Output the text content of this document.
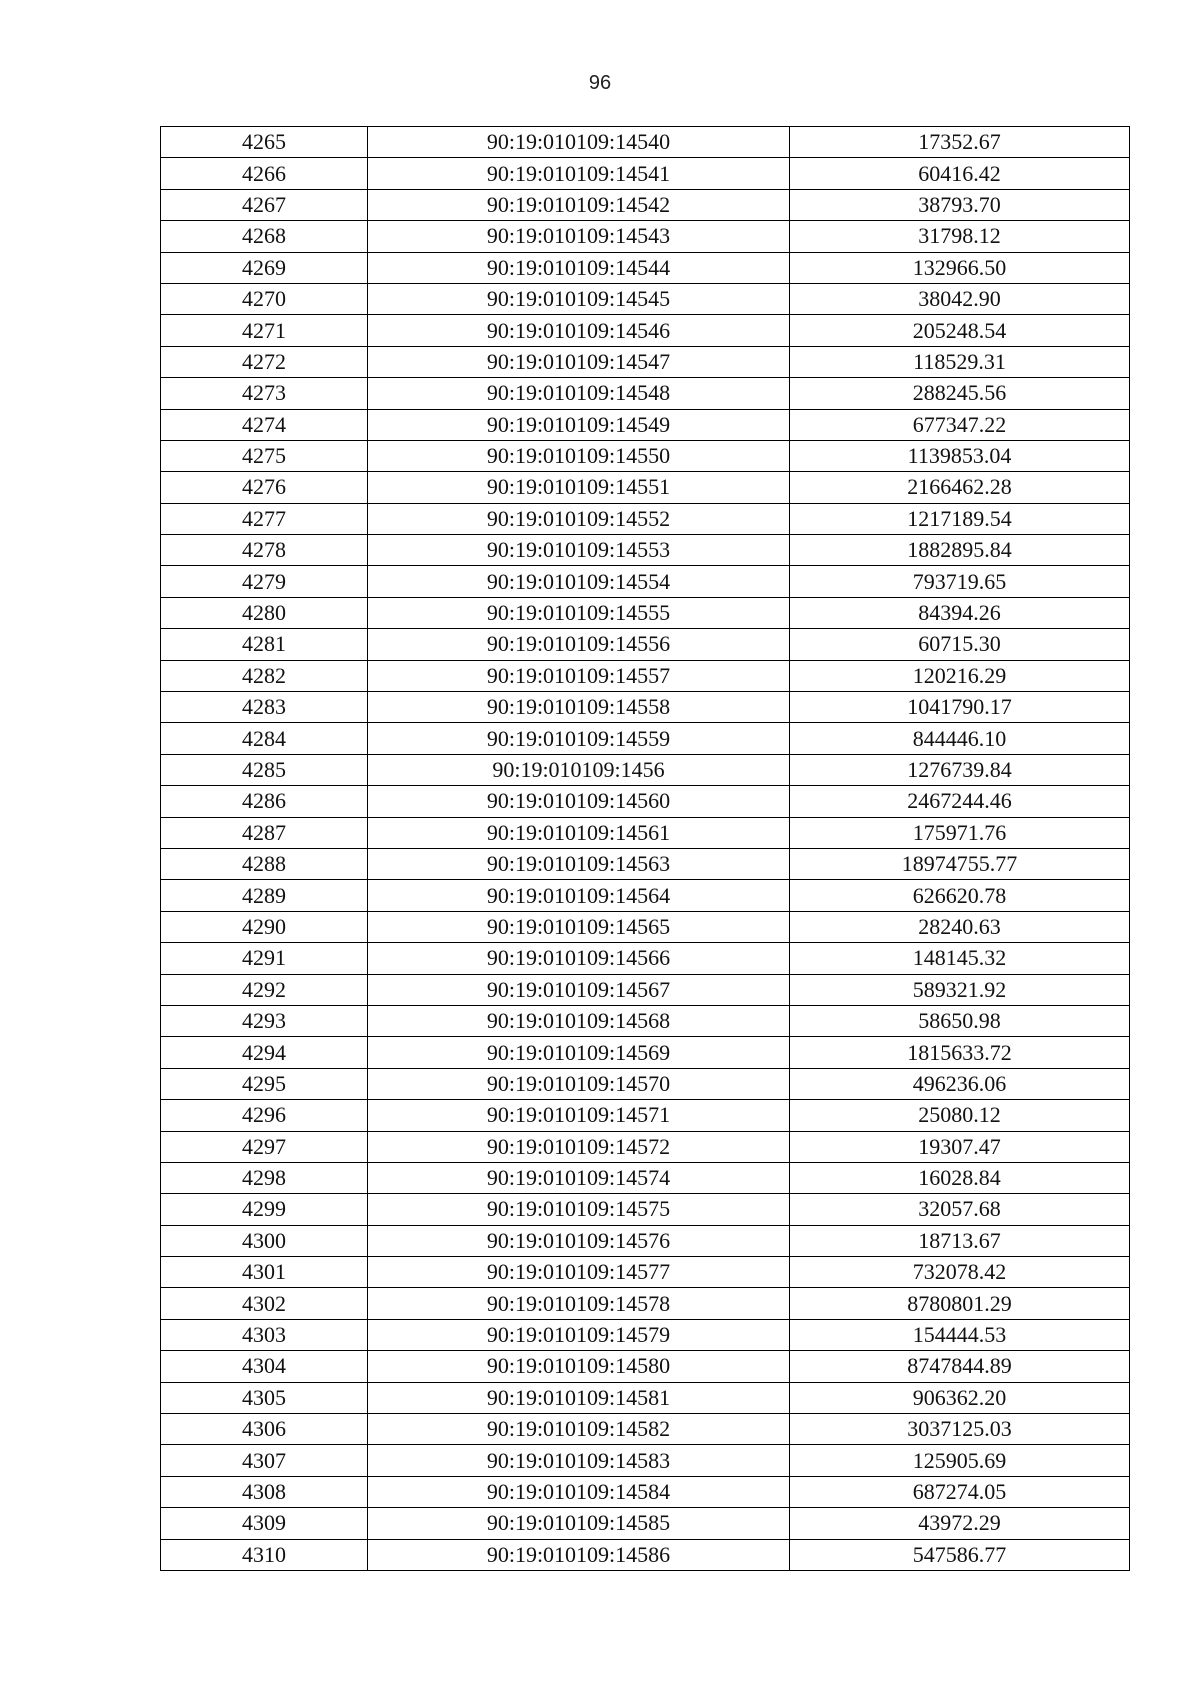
96
4265	90:19:010109:14540	17352.67
4266	90:19:010109:14541	60416.42
4267	90:19:010109:14542	38793.70
4268	90:19:010109:14543	31798.12
4269	90:19:010109:14544	132966.50
4270	90:19:010109:14545	38042.90
4271	90:19:010109:14546	205248.54
4272	90:19:010109:14547	118529.31
4273	90:19:010109:14548	288245.56
4274	90:19:010109:14549	677347.22
4275	90:19:010109:14550	1139853.04
4276	90:19:010109:14551	2166462.28
4277	90:19:010109:14552	1217189.54
4278	90:19:010109:14553	1882895.84
4279	90:19:010109:14554	793719.65
4280	90:19:010109:14555	84394.26
4281	90:19:010109:14556	60715.30
4282	90:19:010109:14557	120216.29
4283	90:19:010109:14558	1041790.17
4284	90:19:010109:14559	844446.10
4285	90:19:010109:1456	1276739.84
4286	90:19:010109:14560	2467244.46
4287	90:19:010109:14561	175971.76
4288	90:19:010109:14563	18974755.77
4289	90:19:010109:14564	626620.78
4290	90:19:010109:14565	28240.63
4291	90:19:010109:14566	148145.32
4292	90:19:010109:14567	589321.92
4293	90:19:010109:14568	58650.98
4294	90:19:010109:14569	1815633.72
4295	90:19:010109:14570	496236.06
4296	90:19:010109:14571	25080.12
4297	90:19:010109:14572	19307.47
4298	90:19:010109:14574	16028.84
4299	90:19:010109:14575	32057.68
4300	90:19:010109:14576	18713.67
4301	90:19:010109:14577	732078.42
4302	90:19:010109:14578	8780801.29
4303	90:19:010109:14579	154444.53
4304	90:19:010109:14580	8747844.89
4305	90:19:010109:14581	906362.20
4306	90:19:010109:14582	3037125.03
4307	90:19:010109:14583	125905.69
4308	90:19:010109:14584	687274.05
4309	90:19:010109:14585	43972.29
4310	90:19:010109:14586	547586.77
